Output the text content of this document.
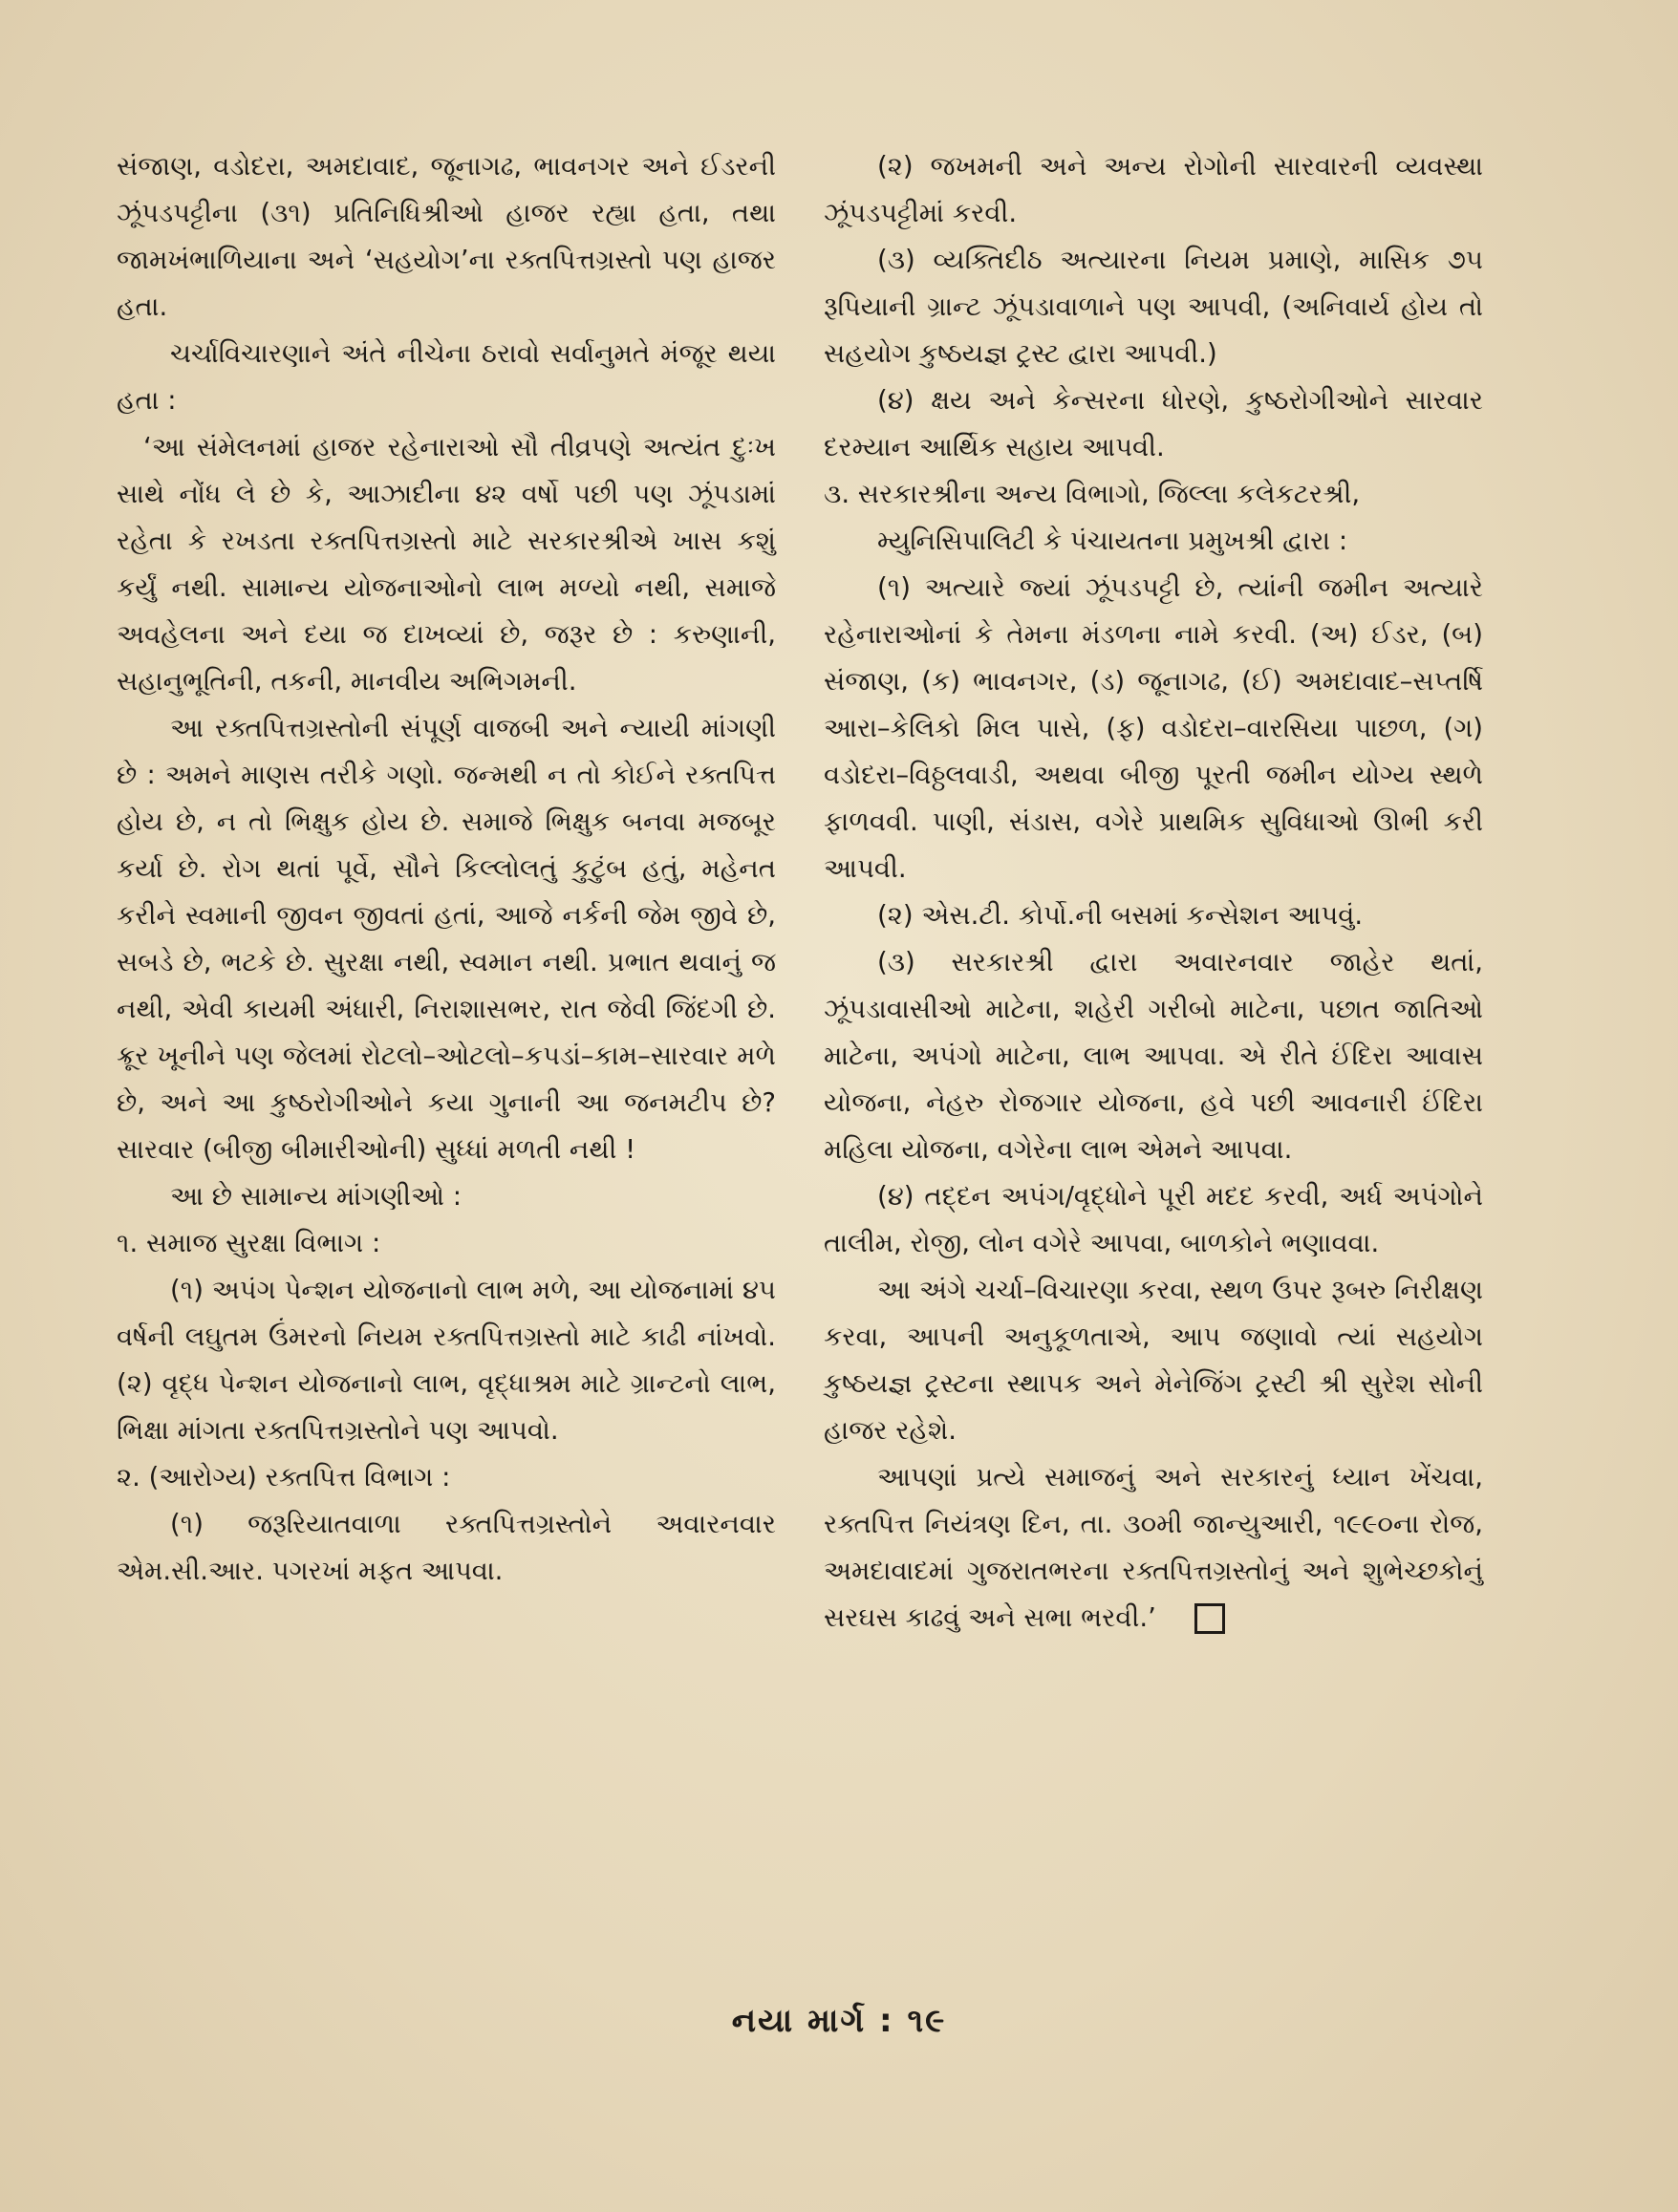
સંજાણ, વડોદરા, અમદાવાદ, જૂનાગઢ, ભાવનગર અને ઈડરની ઝૂંપડપટ્ટીના (૩૧) પ્રતિનિધિશ્રીઓ હાજર રહ્યા હતા, તથા જામખંભાળિયાના અને ‘સહયોગ’ના રક્તપિત્તગ્રસ્તો પણ હાજર હતા.

ચર્ચાવિચારણાને અંતે નીચેના ઠરાવો સર્વાનુમતે મંજૂર થયા હતા :

‘આ સંમેલનમાં હાજર રહેનારાઓ સૌ તીવ્રપણે અત્યંત દુઃખ સાથે નોંધ લે છે કે, આઝાદીના ૪૨ વર્ષો પછી પણ ઝૂંપડામાં રહેતા કે રખડતા રક્તપિત્તગ્રસ્તો માટે સરકારશ્રીએ ખાસ કશું કર્યું નથી. સામાન્ય યોજનાઓનો લાભ મળ્યો નથી, સમાજે અવહેલના અને દયા જ દાખવ્યાં છે, જરૂર છે : કરુણાની, સહાનુભૂતિની, તકની, માનવીય અભિગમની.

આ રક્તપિત્તગ્રસ્તોની સંપૂર્ણ વાજબી અને ન્યાયી માંગણી છે : અમને માણસ તરીકે ગણો. જન્મથી ન તો કોઈને રક્તપિત્ત હોય છે, ન તો ભિક્ષુક હોય છે. સમાજે ભિક્ષુક બનવા મજબૂર કર્યા છે. રોગ થતાં પૂર્વે, સૌને કિલ્લોલતું કુટુંબ હતું, મહેનત કરીને સ્વમાની જીવન જીવતાં હતાં, આજે નર્કની જેમ જીવે છે, સબડે છે, ભટકે છે. સુરક્ષા નથી, સ્વમાન નથી. પ્રભાત થવાનું જ નથી, એવી કાયમી અંધારી, નિરાશાસભર, રાત જેવી જિંદગી છે. ક્રૂર ખૂનીને પણ જેલમાં રોટલો–ઓટલો–કપડાં–કામ–સારવાર મળે છે, અને આ કુષ્ઠરોગીઓને કયા ગુનાની આ જનમટીપ છે? સારવાર (બીજી બીમારીઓની) સુધ્ધાં મળતી નથી !

આ છે સામાન્ય માંગણીઓ :

૧. સમાજ સુરક્ષા વિભાગ :

(૧) અપંગ પેન્શન યોજનાનો લાભ મળે, આ યોજનામાં ૪૫ વર્ષની લઘુતમ ઉંમરનો નિયમ રક્તપિત્તગ્રસ્તો માટે કાઢી નાંખવો. (૨) વૃદ્ધ પેન્શન યોજનાનો લાભ, વૃદ્ધાશ્રમ માટે ગ્રાન્ટનો લાભ, ભિક્ષા માંગતા રક્તપિત્તગ્રસ્તોને પણ આપવો.

૨. (આરોગ્ય) રક્તપિત્ત વિભાગ :

(૧) જરૂરિયાતવાળા રક્તપિત્તગ્રસ્તોને અવારનવાર એમ.સી.આર. પગરખાં મફત આપવા.

(૨) જખમની અને અન્ય રોગોની સારવારની વ્યવસ્થા ઝૂંપડપટ્ટીમાં કરવી.

(૩) વ્યક્તિદીઠ અત્યારના નિયમ પ્રમાણે, માસિક ૭૫ રૂપિયાની ગ્રાન્ટ ઝૂંપડાવાળાને પણ આપવી, (અનિવાર્ય હોય તો સહયોગ કુષ્ઠયજ્ઞ ટ્રસ્ટ દ્વારા આપવી.)

(૪) ક્ષય અને કેન્સરના ધોરણે, કુષ્ઠરોગીઓને સારવાર દરમ્યાન આર્થિક સહાય આપવી.

૩. સરકારશ્રીના અન્ય વિભાગો, જિલ્લા કલેકટરશ્રી,

મ્યુનિસિપાલિટી કે પંચાયતના પ્રમુખશ્રી દ્વારા :

(૧) અત્યારે જ્યાં ઝૂંપડપટ્ટી છે, ત્યાંની જમીન અત્યારે રહેનારાઓનાં કે તેમના મંડળના નામે કરવી. (અ) ઈડર, (બ) સંજાણ, (ક) ભાવનગર, (ડ) જૂનાગઢ, (ઈ) અમદાવાદ–સપ્તર્ષિ આરા–કેલિકો મિલ પાસે, (ફ) વડોદરા–વારસિયા પાછળ, (ગ) વડોદરા–વિઠ્ઠલવાડી, અથવા બીજી પૂરતી જમીન યોગ્ય સ્થળે ફાળવવી. પાણી, સંડાસ, વગેરે પ્રાથમિક સુવિધાઓ ઊભી કરી આપવી.

(૨) એસ.ટી. કોર્પો.ની બસમાં કન્સેશન આપવું.

(૩) સરકારશ્રી દ્વારા અવારનવાર જાહેર થતાં, ઝૂંપડાવાસીઓ માટેના, શહેરી ગરીબો માટેના, પછાત જાતિઓ માટેના, અપંગો માટેના, લાભ આપવા. એ રીતે ઈંદિરા આવાસ યોજના, નેહરુ રોજગાર યોજના, હવે પછી આવનારી ઈંદિરા મહિલા યોજના, વગેરેના લાભ એમને આપવા.

(૪) તદ્દન અપંગ/વૃદ્ધોને પૂરી મદદ કરવી, અર્ધ અપંગોને તાલીમ, રોજી, લોન વગેરે આપવા, બાળકોને ભણાવવા.

આ અંગે ચર્ચા–વિચારણા કરવા, સ્થળ ઉપર રૂબરુ નિરીક્ષણ કરવા, આપની અનુકૂળતાએ, આપ જણાવો ત્યાં સહયોગ કુષ્ઠયજ્ઞ ટ્રસ્ટના સ્થાપક અને મેનેજિંગ ટ્રસ્ટી શ્રી સુરેશ સોની હાજર રહેશે.

આપણાં પ્રત્યે સમાજનું અને સરકારનું ધ્યાન ખેંચવા, રક્તપિત્ત નિયંત્રણ દિન, તા. ૩૦મી જાન્યુઆરી, ૧૯૯૦ના રોજ, અમદાવાદમાં ગુજરાતભરના રક્તપિત્તગ્રસ્તોનું અને શુભેચ્છકોનું સરઘસ કાઢવું અને સભા ભરવી.’

નયા માર્ગ : ૧૯
